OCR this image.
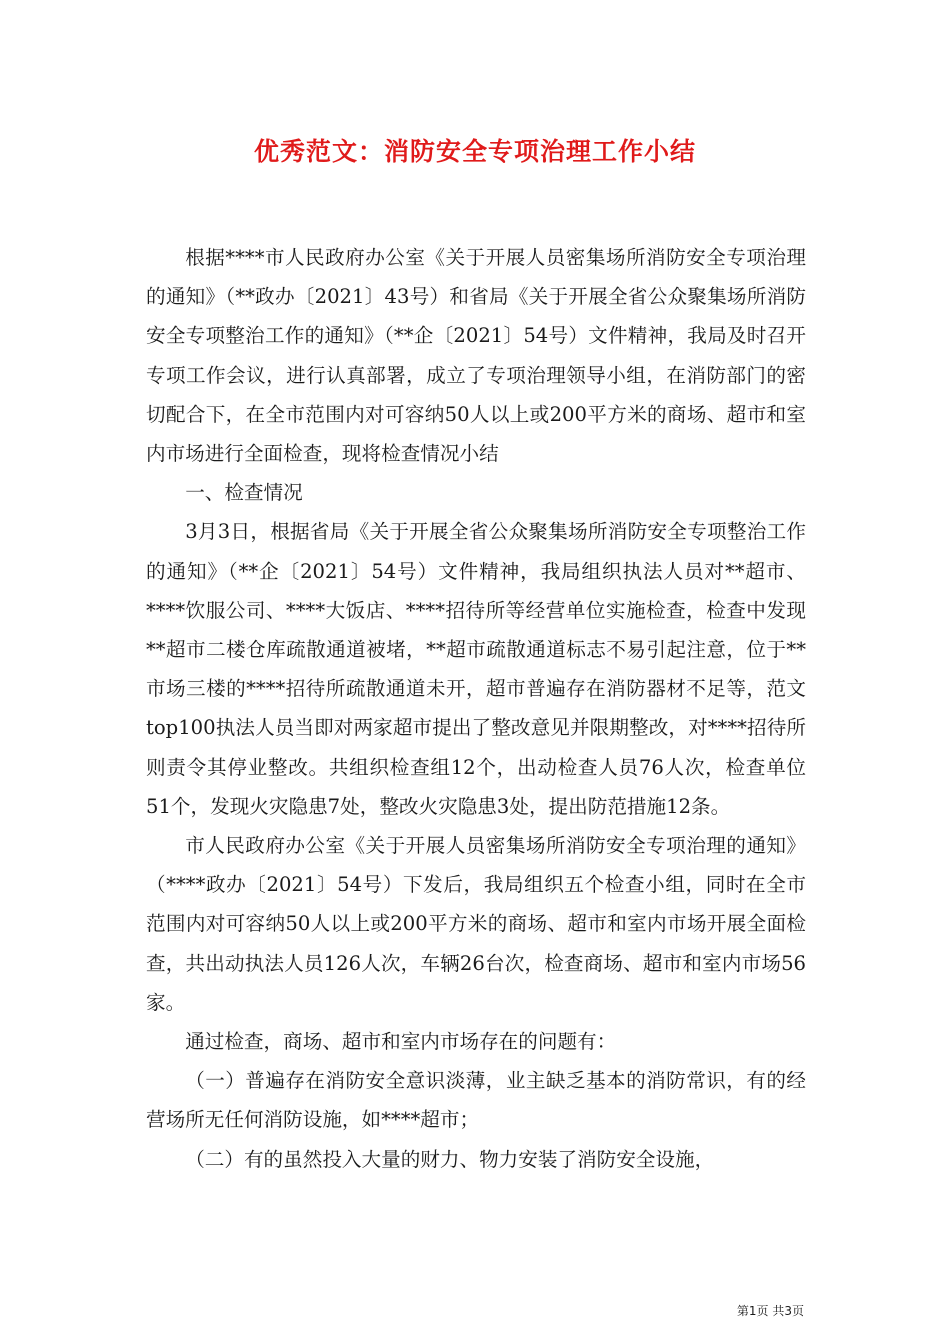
优秀范文：消防安全专项治理工作小结

根据****市人民政府办公室《关于开展人员密集场所消防安全专项治理的通知》（**政办〔2021〕43号）和省局《关于开展全省公众聚集场所消防安全专项整治工作的通知》（**企〔2021〕54号）文件精神，我局及时召开专项工作会议，进行认真部署，成立了专项治理领导小组，在消防部门的密切配合下，在全市范围内对可容纳50人以上或200平方米的商场、超市和室内市场进行全面检查，现将检查情况小结

一、检查情况

3月3日，根据省局《关于开展全省公众聚集场所消防安全专项整治工作的通知》（**企〔2021〕54号）文件精神，我局组织执法人员对**超市、****饮服公司、****大饭店、****招待所等经营单位实施检查，检查中发现**超市二楼仓库疏散通道被堵，**超市疏散通道标志不易引起注意，位于**市场三楼的****招待所疏散通道未开，超市普遍存在消防器材不足等，范文top100执法人员当即对两家超市提出了整改意见并限期整改，对****招待所则责令其停业整改。共组织检查组12个，出动检查人员76人次，检查单位51个，发现火灾隐患7处，整改火灾隐患3处，提出防范措施12条。

市人民政府办公室《关于开展人员密集场所消防安全专项治理的通知》（****政办〔2021〕54号）下发后，我局组织五个检查小组，同时在全市范围内对可容纳50人以上或200平方米的商场、超市和室内市场开展全面检查，共出动执法人员126人次，车辆26台次，检查商场、超市和室内市场56家。

通过检查，商场、超市和室内市场存在的问题有：

（一）普遍存在消防安全意识淡薄，业主缺乏基本的消防常识，有的经营场所无任何消防设施，如****超市；

（二）有的虽然投入大量的财力、物力安装了消防安全设施，

第1页 共3页
